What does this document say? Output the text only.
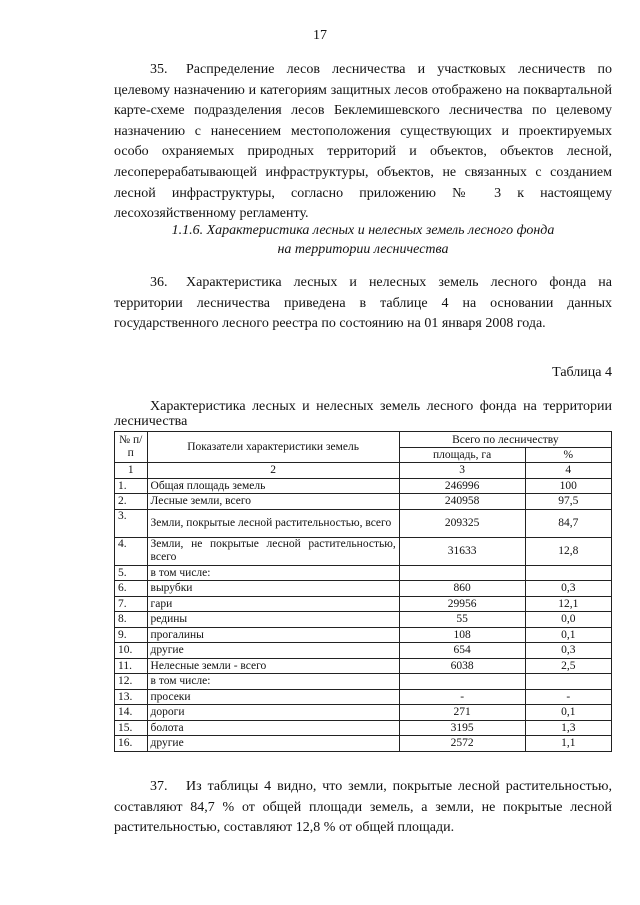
17
35. Распределение лесов лесничества и участковых лесничеств по целевому назначению и категориям защитных лесов отображено на поквартальной карте-схеме подразделения лесов Беклемишевского лесничества по целевому назначению с нанесением местоположения существующих и проектируемых особо охраняемых природных территорий и объектов, объектов лесной, лесоперерабатывающей инфраструктуры, объектов, не связанных с созданием лесной инфраструктуры, согласно приложению № 3 к настоящему лесохозяйственному регламенту.
1.1.6. Характеристика лесных и нелесных земель лесного фонда
на территории лесничества
36. Характеристика лесных и нелесных земель лесного фонда на территории лесничества приведена в таблице 4 на основании данных государственного лесного реестра по состоянию на 01 января 2008 года.
Таблица 4
Характеристика лесных и нелесных земель лесного фонда на территории лесничества
№ п/п	Показатели характеристики земель	Всего по лесничеству	
		площадь, га	%
1	2	3	4
1.	Общая площадь земель	246996	100
2.	Лесные земли, всего	240958	97,5
3.	Земли, покрытые лесной растительностью, всего	209325	84,7
4.	Земли, не покрытые лесной растительностью, всего	31633	12,8
5.	в том числе:		
6.	вырубки	860	0,3
7.	гари	29956	12,1
8.	редины	55	0,0
9.	прогалины	108	0,1
10.	другие	654	0,3
11.	Нелесные земли - всего	6038	2,5
12.	в том числе:		
13.	просеки	-	-
14.	дороги	271	0,1
15.	болота	3195	1,3
16.	другие	2572	1,1
37. Из таблицы 4 видно, что земли, покрытые лесной растительностью, составляют 84,7 % от общей площади земель, а земли, не покрытые лесной растительностью, составляют 12,8 % от общей площади.
